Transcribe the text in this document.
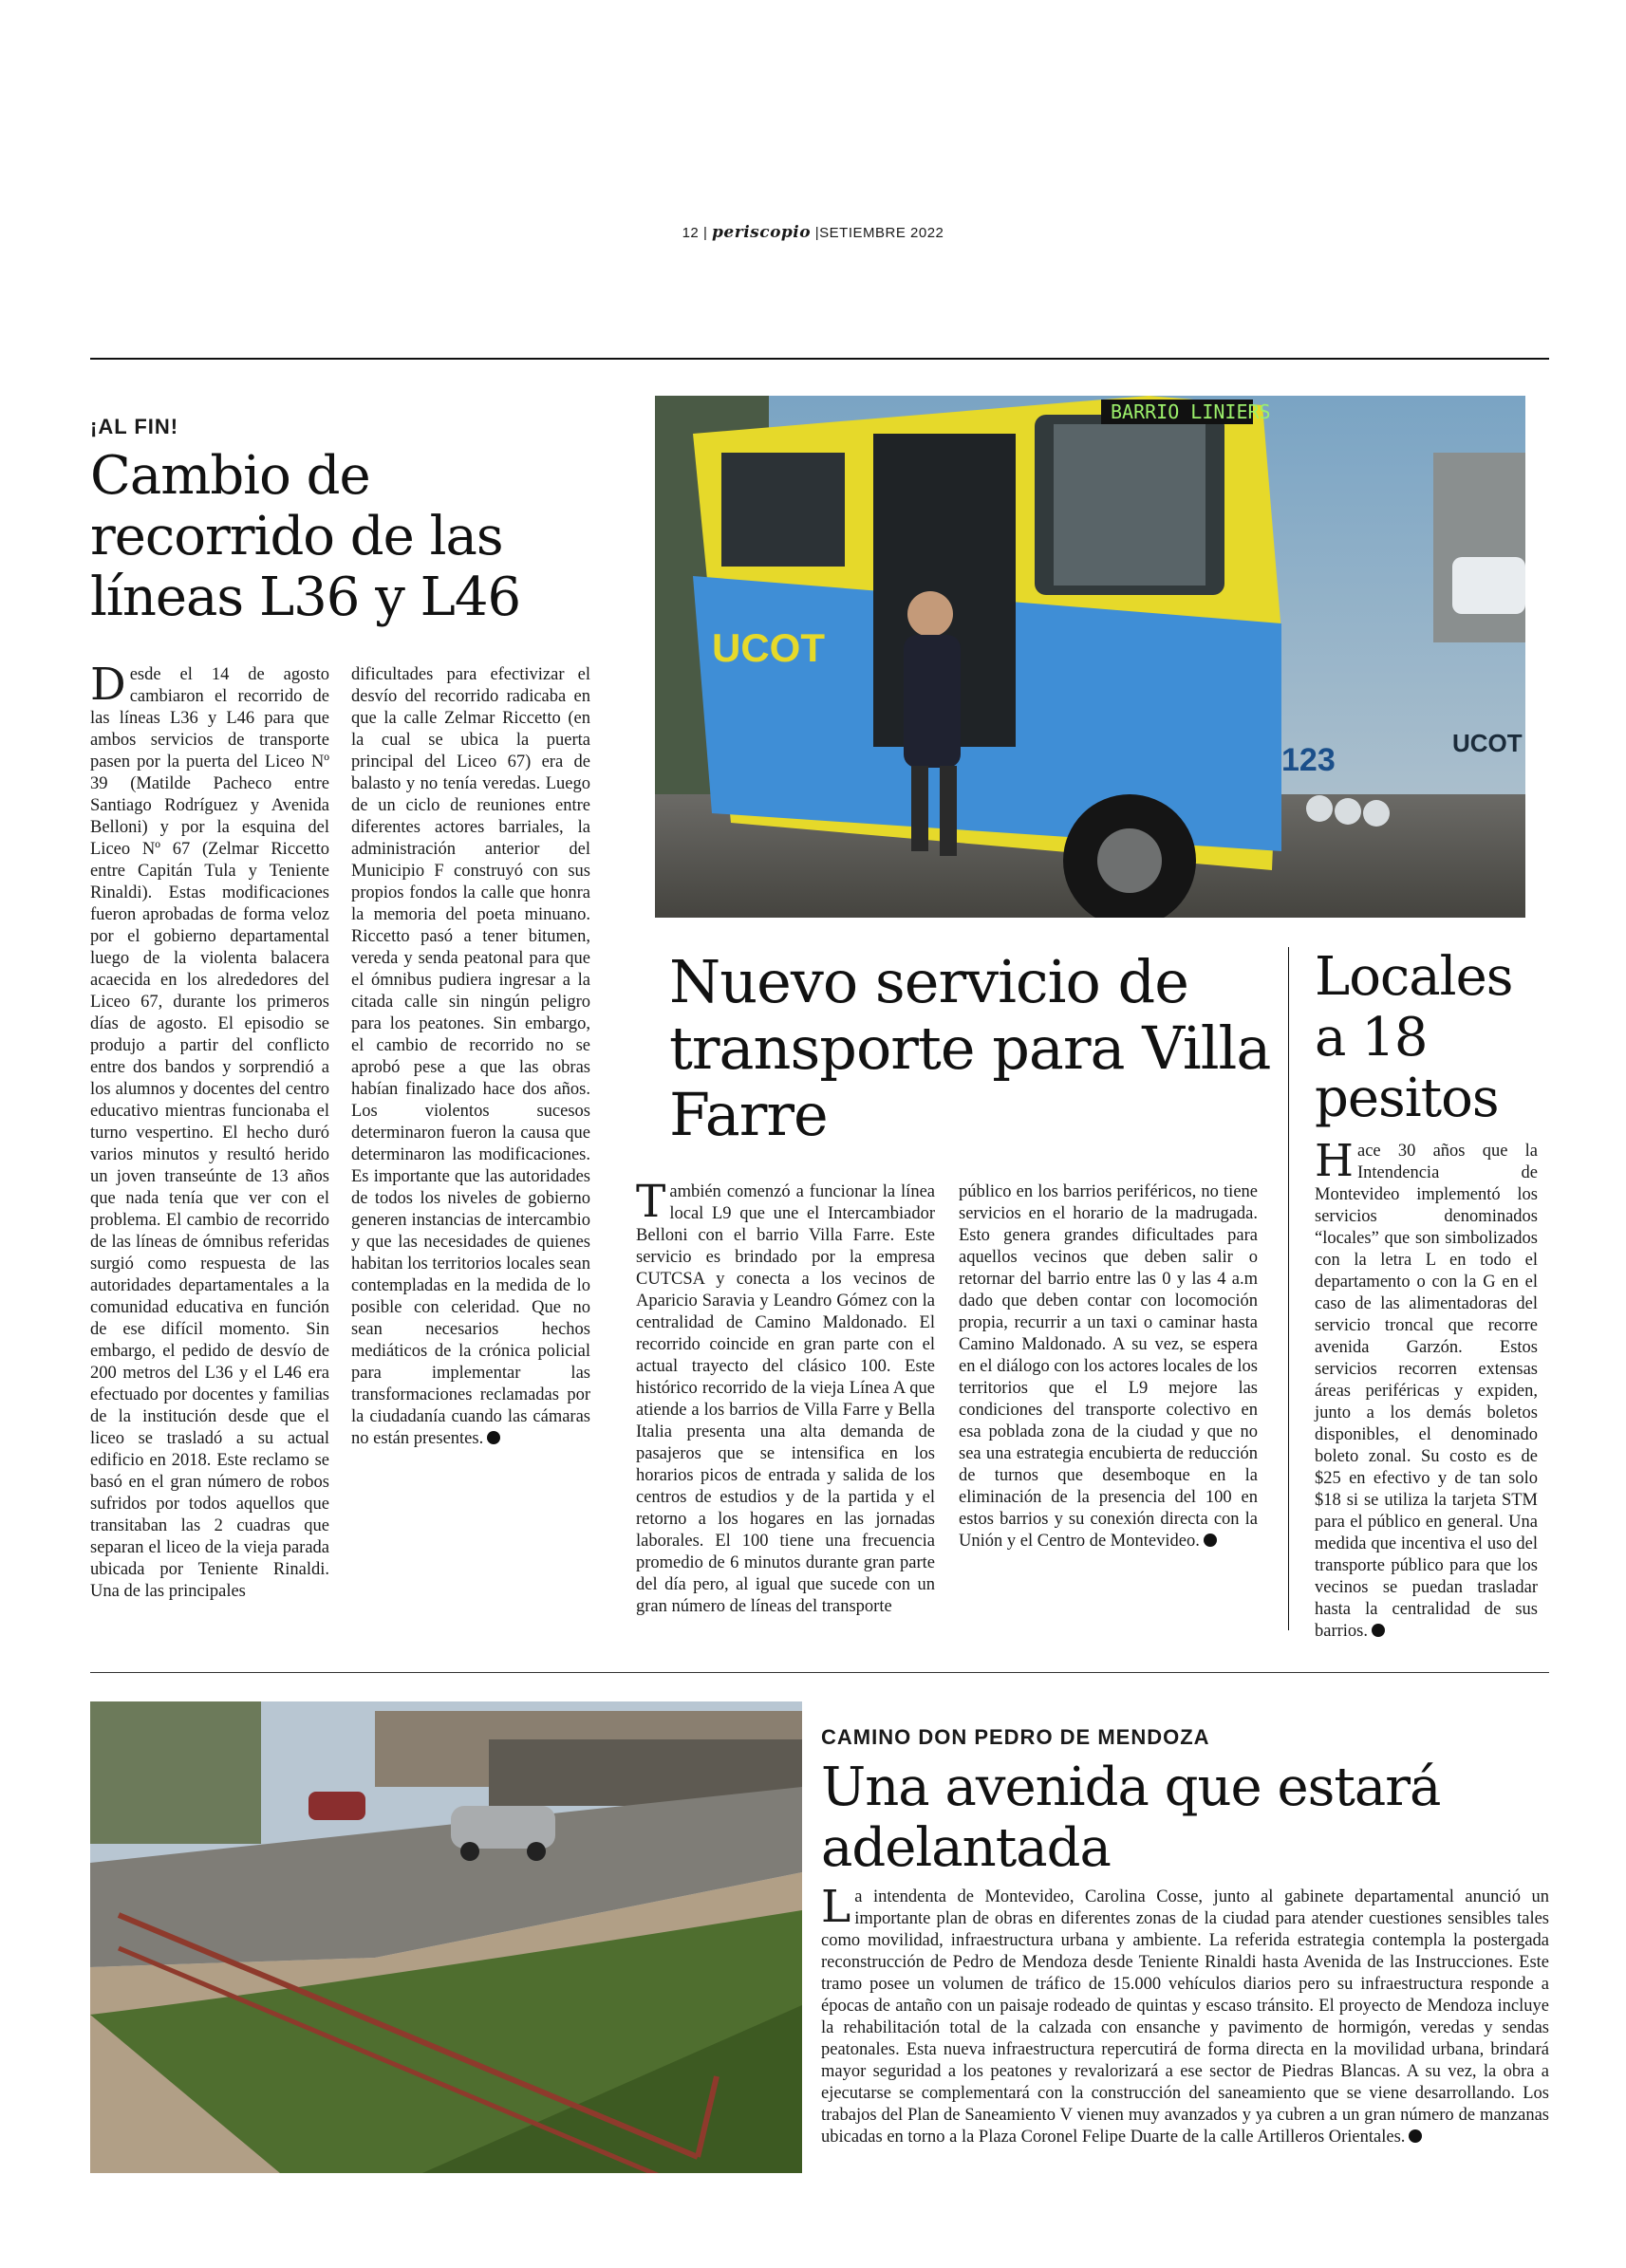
12 | periscopio |SETIEMBRE 2022
¡AL FIN!
Cambio de recorrido de las líneas L36 y L46

Desde el 14 de agosto cambiaron el recorrido de las líneas L36 y L46 para que ambos servicios de transporte pasen por la puerta del Liceo Nº 39 (Matilde Pacheco entre Santiago Rodríguez y Avenida Belloni) y por la esquina del Liceo Nº 67 (Zelmar Riccetto entre Capitán Tula y Teniente Rinaldi). Estas modificaciones fueron aprobadas de forma veloz por el gobierno departamental luego de la violenta balacera acaecida en los alrededores del Liceo 67, durante los primeros días de agosto. El episodio se produjo a partir del conflicto entre dos bandos y sorprendió a los alumnos y docentes del centro educativo mientras funcionaba el turno vespertino. El hecho duró varios minutos y resultó herido un joven transeúnte de 13 años que nada tenía que ver con el problema. El cambio de recorrido de las líneas de ómnibus referidas surgió como respuesta de las autoridades departamentales a la comunidad educativa en función de ese difícil momento. Sin embargo, el pedido de desvío de 200 metros del L36 y el L46 era efectuado por docentes y familias de la institución desde que el liceo se trasladó a su actual edificio en 2018. Este reclamo se basó en el gran número de robos sufridos por todos aquellos que transitaban las 2 cuadras que separan el liceo de la vieja parada ubicada por Teniente Rinaldi. Una de las principales

dificultades para efectivizar el desvío del recorrido radicaba en que la calle Zelmar Riccetto (en la cual se ubica la puerta principal del Liceo 67) era de balasto y no tenía veredas. Luego de un ciclo de reuniones entre diferentes actores barriales, la administración anterior del Municipio F construyó con sus propios fondos la calle que honra la memoria del poeta minuano. Riccetto pasó a tener bitumen, vereda y senda peatonal para que el ómnibus pudiera ingresar a la citada calle sin ningún peligro para los peatones. Sin embargo, el cambio de recorrido no se aprobó pese a que las obras habían finalizado hace dos años. Los violentos sucesos determinaron fueron la causa que determinaron las modificaciones. Es importante que las autoridades de todos los niveles de gobierno generen instancias de intercambio y que las necesidades de quienes habitan los territorios locales sean contempladas en la medida de lo posible con celeridad. Que no sean necesarios hechos mediáticos de la crónica policial para implementar las transformaciones reclamadas por la ciudadanía cuando las cámaras no están presentes.

BARRIO LINIERS
UCOT
123	UCOT
Nuevo servicio de transporte para Villa Farre

También comenzó a funcionar la línea local L9 que une el Intercambiador Belloni con el barrio Villa Farre. Este servicio es brindado por la empresa CUTCSA y conecta a los vecinos de Aparicio Saravia y Leandro Gómez con la centralidad de Camino Maldonado. El recorrido coincide en gran parte con el actual trayecto del clásico 100. Este histórico recorrido de la vieja Línea A que atiende a los barrios de Villa Farre y Bella Italia presenta una alta demanda de pasajeros que se intensifica en los horarios picos de entrada y salida de los centros de estudios y de la partida y el retorno a los hogares en las jornadas laborales. El 100 tiene una frecuencia promedio de 6 minutos durante gran parte del día pero, al igual que sucede con un gran número de líneas del transporte

público en los barrios periféricos, no tiene servicios en el horario de la madrugada. Esto genera grandes dificultades para aquellos vecinos que deben salir o retornar del barrio entre las 0 y las 4 a.m dado que deben contar con locomoción propia, recurrir a un taxi o caminar hasta Camino Maldonado. A su vez, se espera en el diálogo con los actores locales de los territorios que el L9 mejore las condiciones del transporte colectivo en esa poblada zona de la ciudad y que no sea una estrategia encubierta de reducción de turnos que desemboque en la eliminación de la presencia del 100 en estos barrios y su conexión directa con la Unión y el Centro de Montevideo.

Locales a 18 pesitos

Hace 30 años que la Intendencia de Montevideo implementó los servicios denominados “locales” que son simbolizados con la letra L en todo el departamento o con la G en el caso de las alimentadoras del servicio troncal que recorre avenida Garzón. Estos servicios recorren extensas áreas periféricas y expiden, junto a los demás boletos disponibles, el denominado boleto zonal. Su costo es de $25 en efectivo y de tan solo $18 si se utiliza la tarjeta STM para el público en general. Una medida que incentiva el uso del transporte público para que los vecinos se puedan trasladar hasta la centralidad de sus barrios.

CAMINO DON PEDRO DE MENDOZA
Una avenida que estará adelantada

La intendenta de Montevideo, Carolina Cosse, junto al gabinete departamental anunció un importante plan de obras en diferentes zonas de la ciudad para atender cuestiones sensibles tales como movilidad, infraestructura urbana y ambiente. La referida estrategia contempla la postergada reconstrucción de Pedro de Mendoza desde Teniente Rinaldi hasta Avenida de las Instrucciones. Este tramo posee un volumen de tráfico de 15.000 vehículos diarios pero su infraestructura responde a épocas de antaño con un paisaje rodeado de quintas y escaso tránsito. El proyecto de Mendoza incluye la rehabilitación total de la calzada con ensanche y pavimento de hormigón, veredas y sendas peatonales. Esta nueva infraestructura repercutirá de forma directa en la movilidad urbana, brindará mayor seguridad a los peatones y revalorizará a ese sector de Piedras Blancas. A su vez, la obra a ejecutarse se complementará con la construcción del saneamiento que se viene desarrollando. Los trabajos del Plan de Saneamiento V vienen muy avanzados y ya cubren a un gran número de manzanas ubicadas en torno a la Plaza Coronel Felipe Duarte de la calle Artilleros Orientales.
